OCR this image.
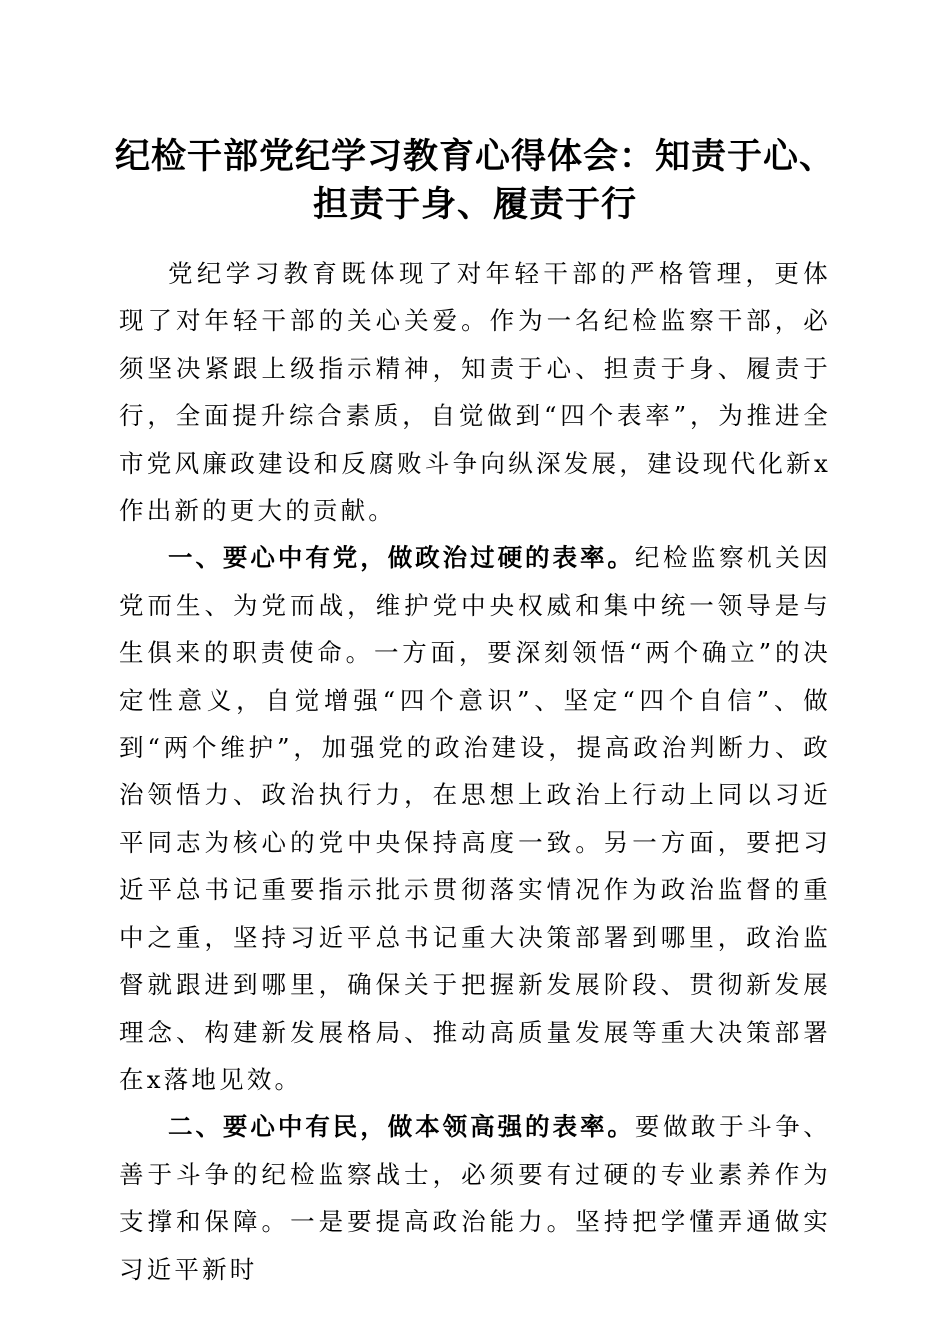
纪检干部党纪学习教育心得体会：知责于心、
担责于身、履责于行

党纪学习教育既体现了对年轻干部的严格管理，更体现了对年轻干部的关心关爱。作为一名纪检监察干部，必须坚决紧跟上级指示精神，知责于心、担责于身、履责于行，全面提升综合素质，自觉做到“四个表率”，为推进全市党风廉政建设和反腐败斗争向纵深发展，建设现代化新x作出新的更大的贡献。

一、要心中有党，做政治过硬的表率。纪检监察机关因党而生、为党而战，维护党中央权威和集中统一领导是与生俱来的职责使命。一方面，要深刻领悟“两个确立”的决定性意义，自觉增强“四个意识”、坚定“四个自信”、做到“两个维护”，加强党的政治建设，提高政治判断力、政治领悟力、政治执行力，在思想上政治上行动上同以习近平同志为核心的党中央保持高度一致。另一方面，要把习近平总书记重要指示批示贯彻落实情况作为政治监督的重中之重，坚持习近平总书记重大决策部署到哪里，政治监督就跟进到哪里，确保关于把握新发展阶段、贯彻新发展理念、构建新发展格局、推动高质量发展等重大决策部署在x落地见效。

二、要心中有民，做本领高强的表率。要做敢于斗争、善于斗争的纪检监察战士，必须要有过硬的专业素养作为支撑和保障。一是要提高政治能力。坚持把学懂弄通做实习近平新时
